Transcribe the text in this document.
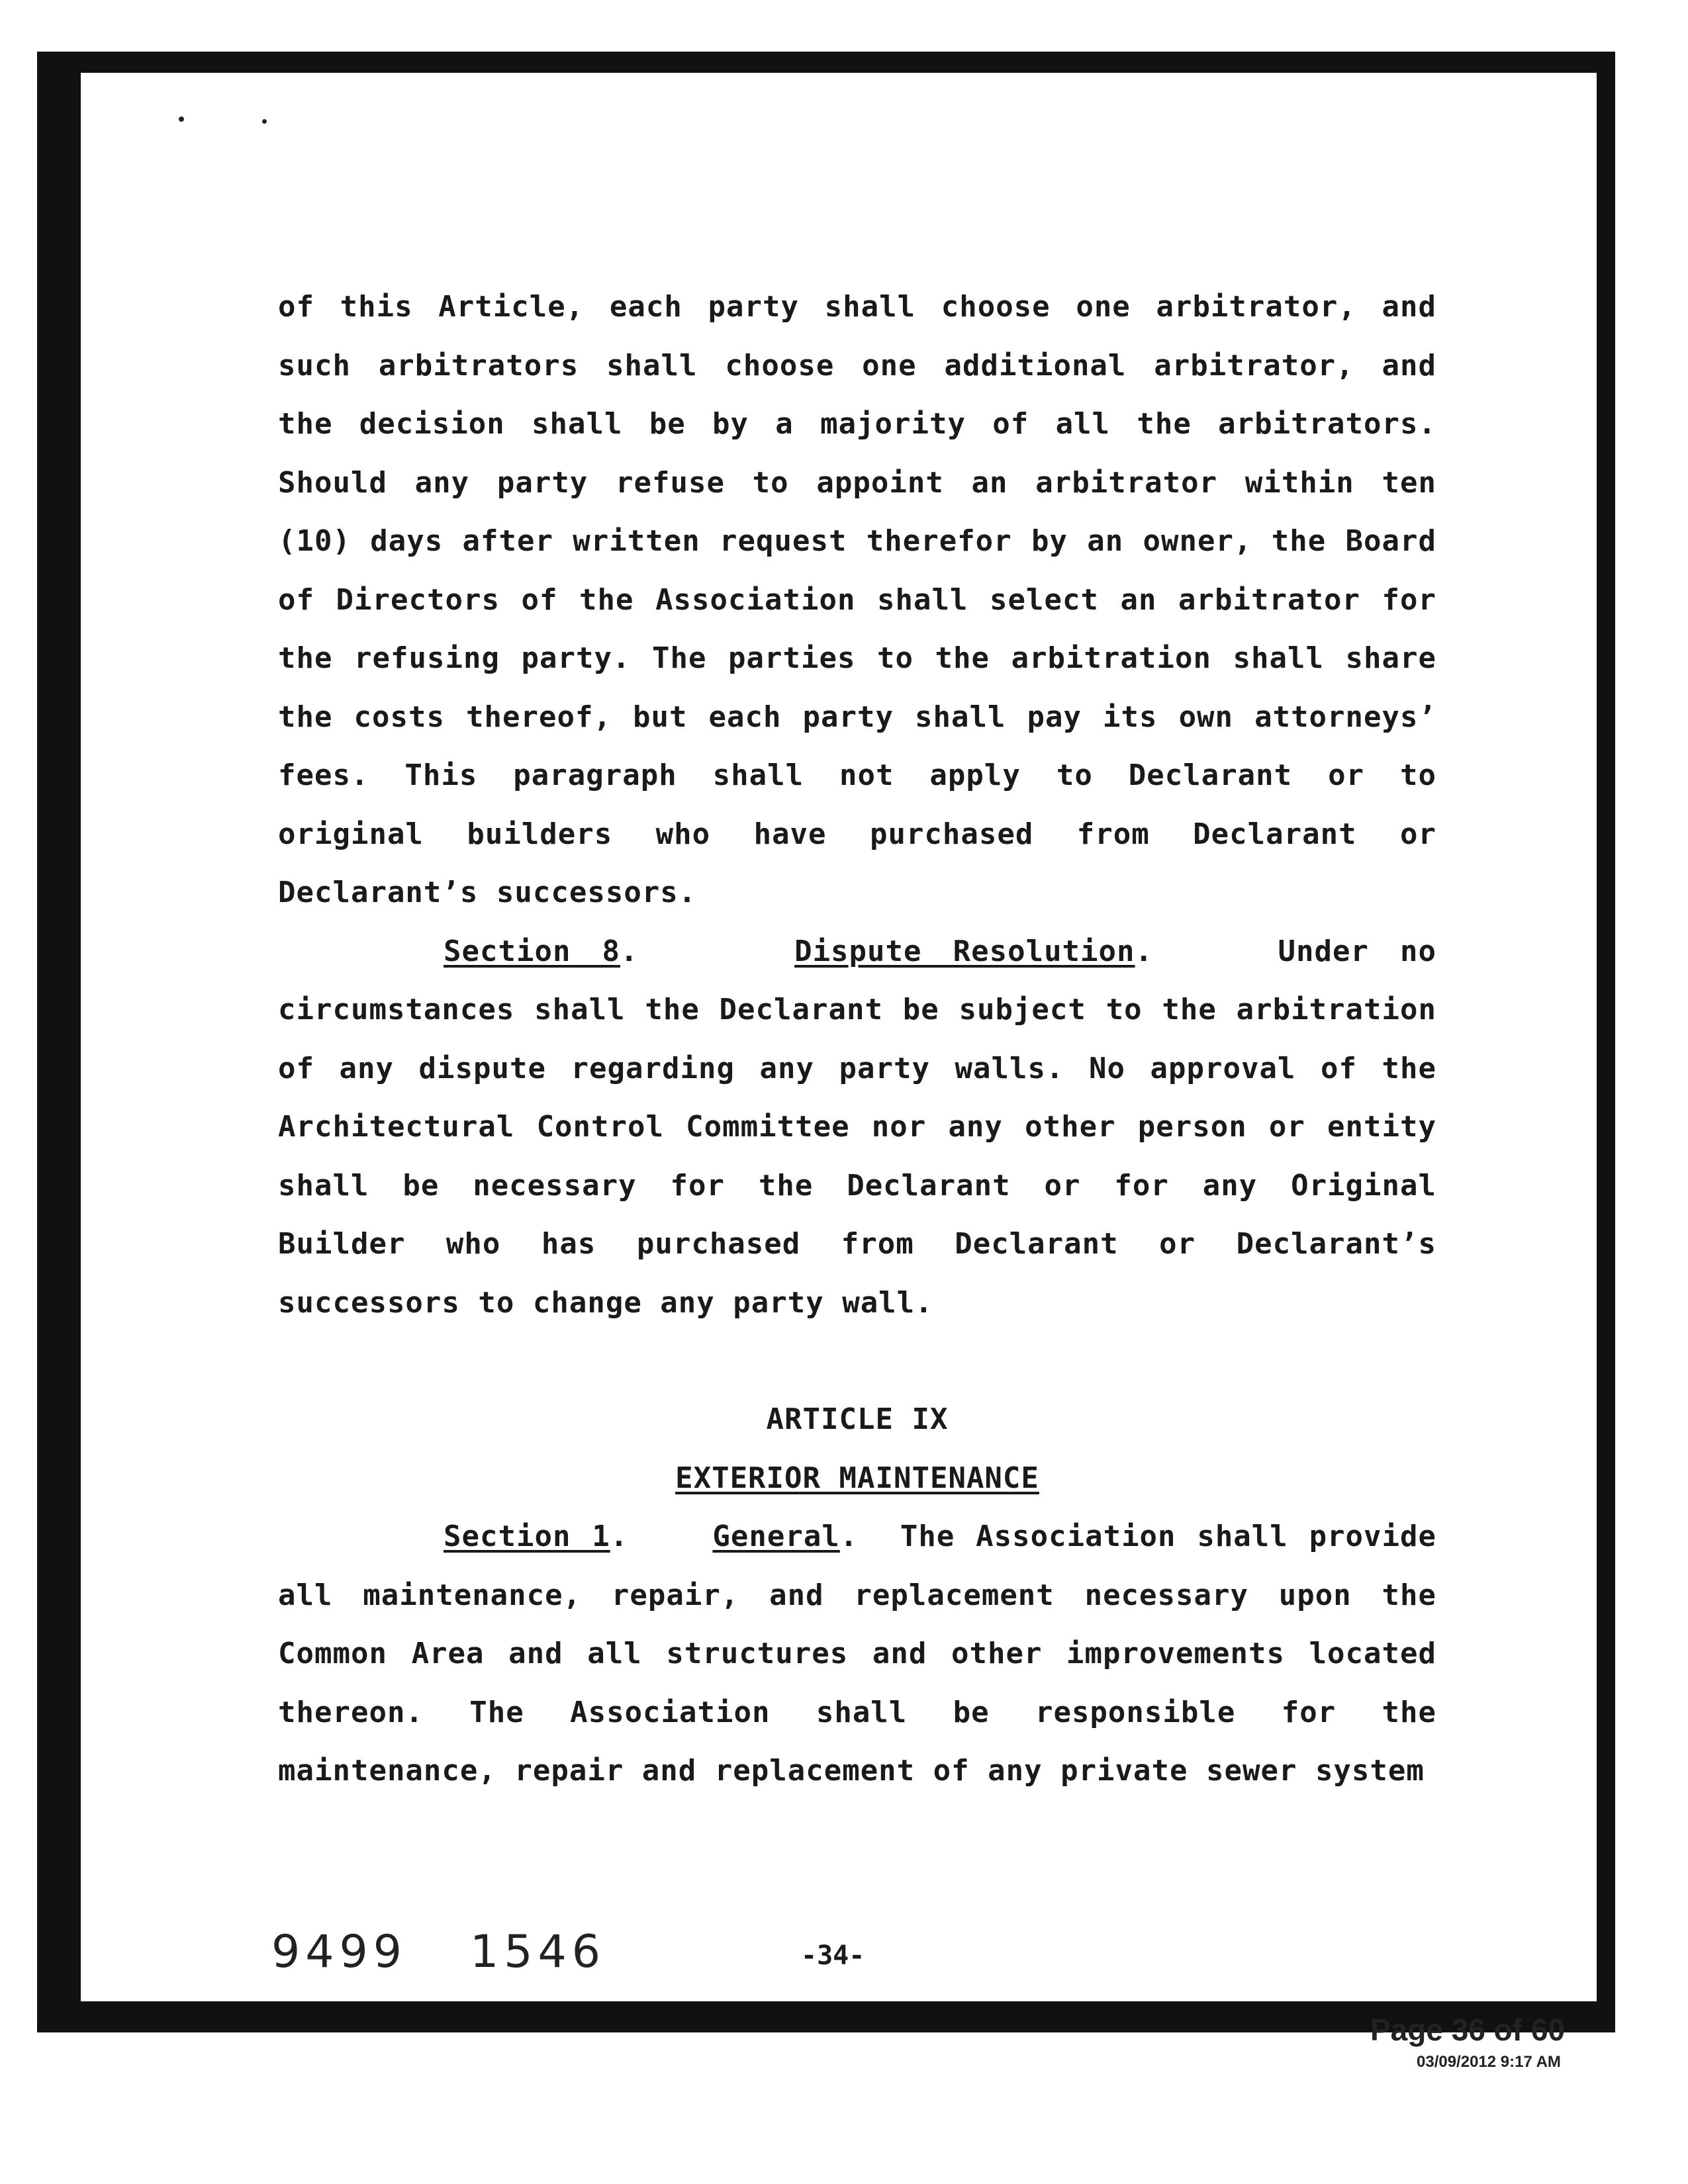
of this Article, each party shall choose one arbitrator, and such arbitrators shall choose one additional arbitrator, and the decision shall be by a majority of all the arbitrators. Should any party refuse to appoint an arbitrator within ten (10) days after written request therefor by an owner, the Board of Directors of the Association shall select an arbitrator for the refusing party. The parties to the arbitration shall share the costs thereof, but each party shall pay its own attorneys’ fees. This paragraph shall not apply to Declarant or to original builders who have purchased from Declarant or Declarant’s successors.

Section 8.     Dispute Resolution.    Under no circumstances shall the Declarant be subject to the arbitration of any dispute regarding any party walls. No approval of the Architectural Control Committee nor any other person or entity shall be necessary for the Declarant or for any Original Builder who has purchased from Declarant or Declarant’s successors to change any party wall.

ARTICLE IX

EXTERIOR MAINTENANCE

Section 1.    General.  The Association shall provide all maintenance, repair, and replacement necessary upon the Common Area and all structures and other improvements located thereon. The Association shall be responsible for the maintenance, repair and replacement of any private sewer system

9499 1546	-34-
Page 36 of 60
03/09/2012 9:17 AM
